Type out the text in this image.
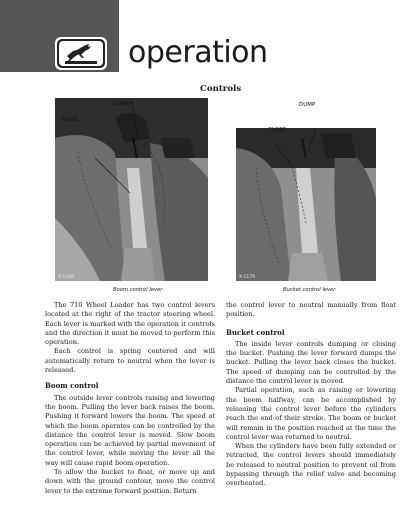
operation
Controls
RAISE
LOWER
X-1148
Boom control lever
DUMP
CLOSE
X-1179
Bucket control lever

The 710 Wheel Loader has two control levers located at the right of the tractor steering wheel. Each lever is marked with the operation it controls and the direction it must be moved to perform this operation.

Each control is spring centered and will automatically return to neutral when the lever is released.

Boom control

The outside lever controls raising and lowering the boom. Pulling the lever back raises the boom. Pushing it forward lowers the boom. The speed at which the boom operates can be controlled by the distance the control lever is moved. Slow boom operation can be achieved by partial movement of the control lever, while moving the lever all the way will cause rapid boom operation.

To allow the bucket to float, or move up and down with the ground contour, move the control lever to the extreme forward position. Return

the control lever to neutral manually from float position.

Bucket control

The inside lever controls dumping or closing the bucket. Pushing the lever forward dumps the bucket. Pulling the lever back closes the bucket. The speed of dumping can be controlled by the distance the control lever is moved.

Partial operation, such as raising or lowering the boom halfway, can be accomplished by releasing the control lever before the cylinders reach the end of their stroke. The boom or bucket will remain in the position reached at the time the control lever was returned to neutral.

When the cylinders have been fully extended or retracted, the control levers should immediately be released to neutral position to prevent oil from bypassing through the relief valve and becoming overheated.
